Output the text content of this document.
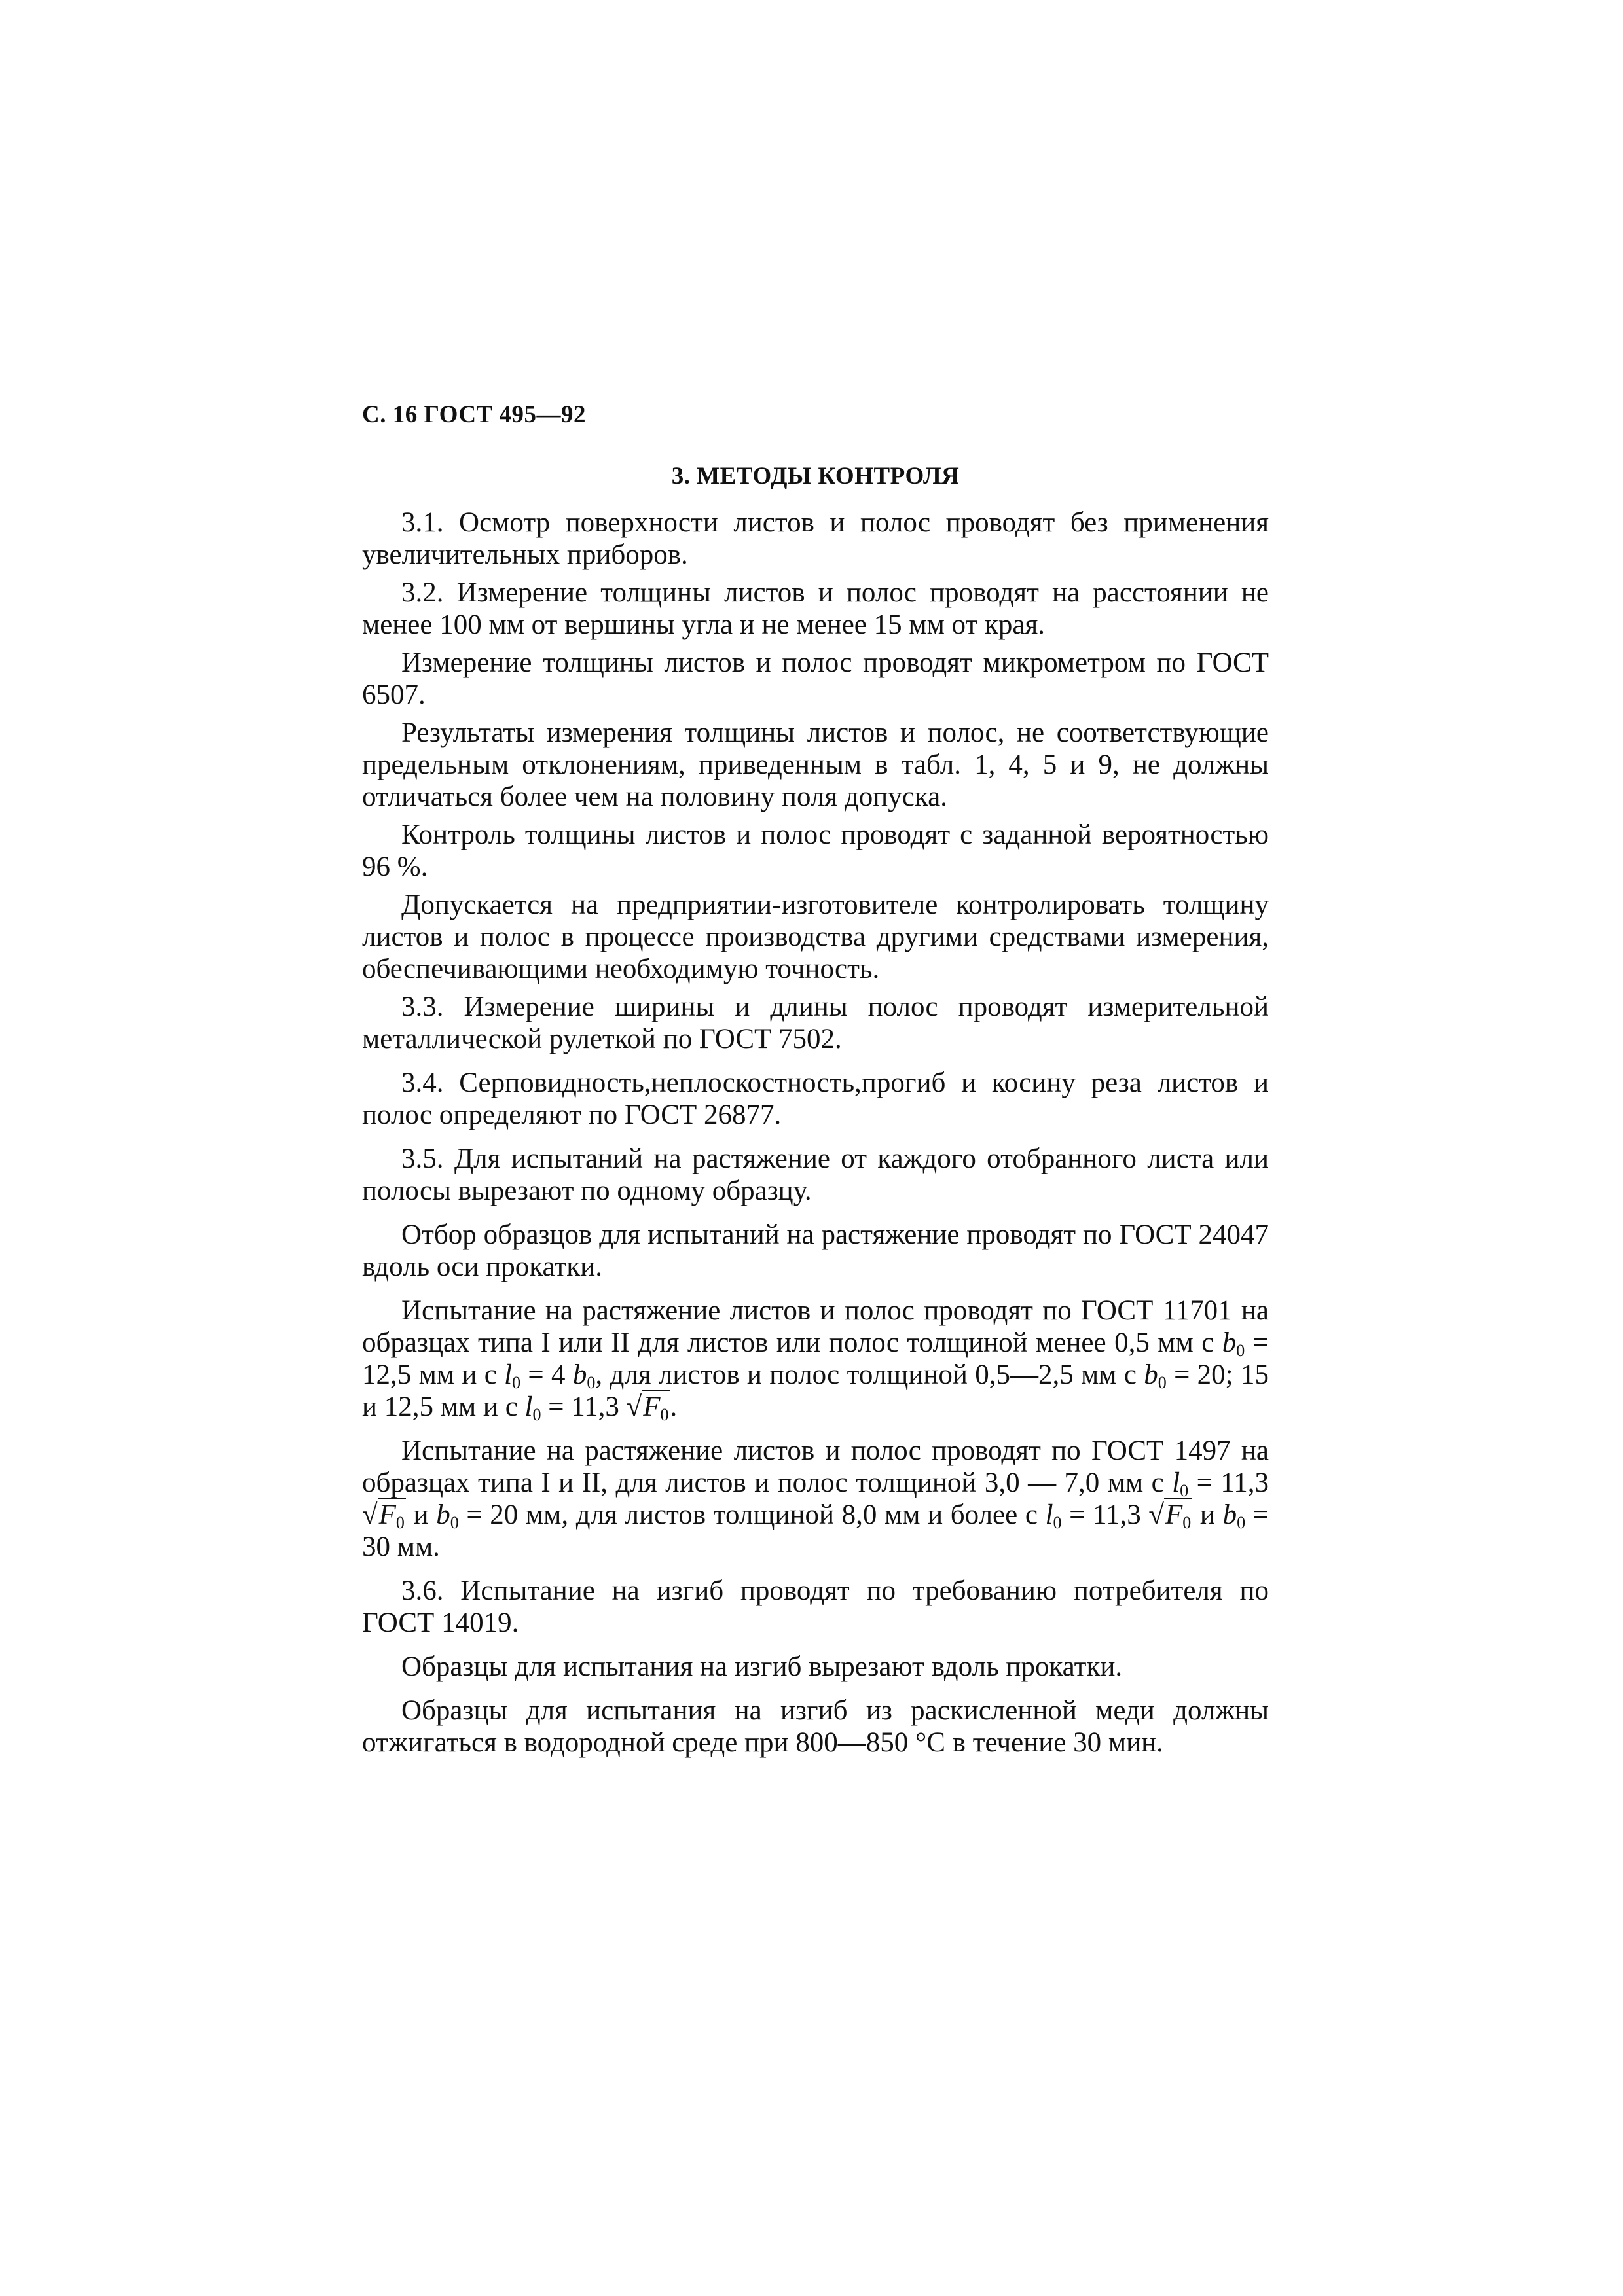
С. 16 ГОСТ 495—92
3. МЕТОДЫ КОНТРОЛЯ

3.1. Осмотр поверхности листов и полос проводят без применения увеличительных приборов.

3.2. Измерение толщины листов и полос проводят на расстоянии не менее 100 мм от вершины угла и не менее 15 мм от края.

Измерение толщины листов и полос проводят микрометром по ГОСТ 6507.

Результаты измерения толщины листов и полос, не соответствующие предельным отклонениям, приведенным в табл. 1, 4, 5 и 9, не должны отличаться более чем на половину поля допуска.

Контроль толщины листов и полос проводят с заданной вероятностью 96 %.

Допускается на предприятии-изготовителе контролировать толщину листов и полос в процессе производства другими средствами измерения, обеспечивающими необходимую точность.

3.3. Измерение ширины и длины полос проводят измерительной металлической рулеткой по ГОСТ 7502.

3.4. Серповидность,неплоскостность,прогиб и косину реза листов и полос определяют по ГОСТ 26877.

3.5. Для испытаний на растяжение от каждого отобранного листа или полосы вырезают по одному образцу.

Отбор образцов для испытаний на растяжение проводят по ГОСТ 24047 вдоль оси прокатки.

Испытание на растяжение листов и полос проводят по ГОСТ 11701 на образцах типа I или II для листов или полос толщиной менее 0,5 мм с $b_0 = 12,5$ мм и с $l_0 = 4$ $b_0$, для листов и полос толщиной 0,5—2,5 мм с $b_0 = 20$; 15 и 12,5 мм и с $l_0 = 11,3$ $√F_0$.

Испытание на растяжение листов и полос проводят по ГОСТ 1497 на образцах типа I и II, для листов и полос толщиной 3,0 — 7,0 мм с $l_0 = 11,3$ $√F_0$ и $b_0 = 20$ мм, для листов толщиной 8,0 мм и более с $l_0 = 11,3$ $√F_0$ и $b_0 = 30$ мм.

3.6. Испытание на изгиб проводят по требованию потребителя по ГОСТ 14019.

Образцы для испытания на изгиб вырезают вдоль прокатки.

Образцы для испытания на изгиб из раскисленной меди должны отжигаться в водородной среде при 800—850 °С в течение 30 мин.
